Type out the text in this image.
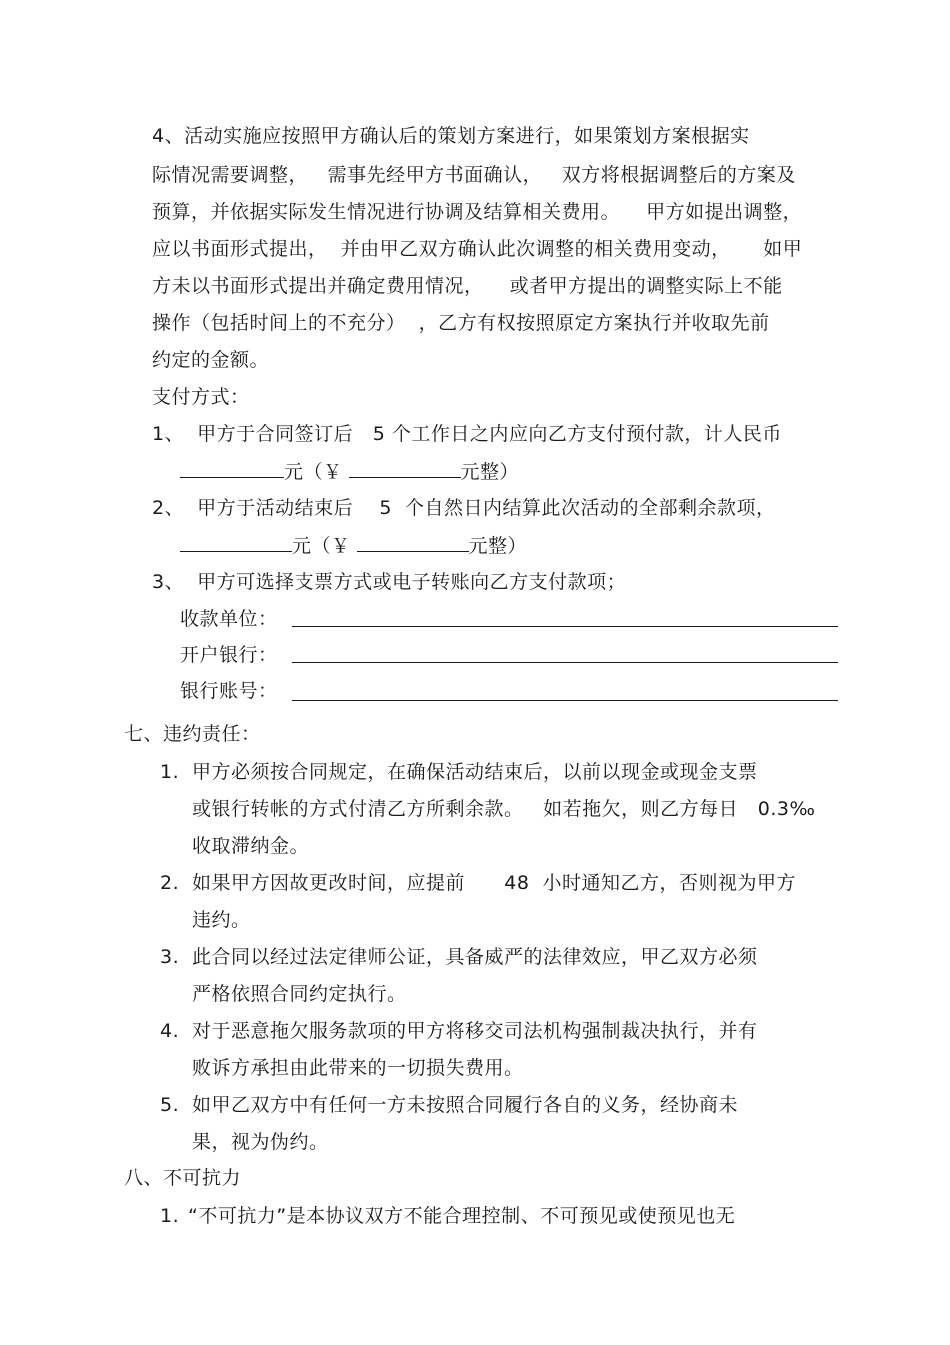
4、活动实施应按照甲方确认后的策划方案进行，如果策划方案根据实
际情况需要调整，   需事先经甲方书面确认，   双方将根据调整后的方案及
预算，并依据实际发生情况进行协调及结算相关费用。    甲方如提出调整，
应以书面形式提出，  并由甲乙双方确认此次调整的相关费用变动，     如甲
方未以书面形式提出并确定费用情况，    或者甲方提出的调整实际上不能
操作（包括时间上的不充分）  ，乙方有权按照原定方案执行并收取先前
约定的金额。
支付方式：
1、  甲方于合同签订后   5 个工作日之内应向乙方支付预付款，计人民币
元（￥	元整）
2、  甲方于活动结束后    5  个自然日内结算此次活动的全部剩余款项，
元（￥	元整）
3、  甲方可选择支票方式或电子转账向乙方支付款项；
收款单位：
开户银行：
银行账号：
七、违约责任：
1. 甲方必须按合同规定，在确保活动结束后，以前以现金或现金支票
或银行转帐的方式付清乙方所剩余款。   如若拖欠，则乙方每日   0.3‰
收取滞纳金。
2. 如果甲方因故更改时间，应提前      48  小时通知乙方，否则视为甲方
违约。
3. 此合同以经过法定律师公证，具备威严的法律效应，甲乙双方必须
严格依照合同约定执行。
4. 对于恶意拖欠服务款项的甲方将移交司法机构强制裁决执行，并有
败诉方承担由此带来的一切损失费用。
5. 如甲乙双方中有任何一方未按照合同履行各自的义务，经协商未
果，视为伪约。
八、不可抗力
1. “不可抗力”是本协议双方不能合理控制、不可预见或使预见也无
